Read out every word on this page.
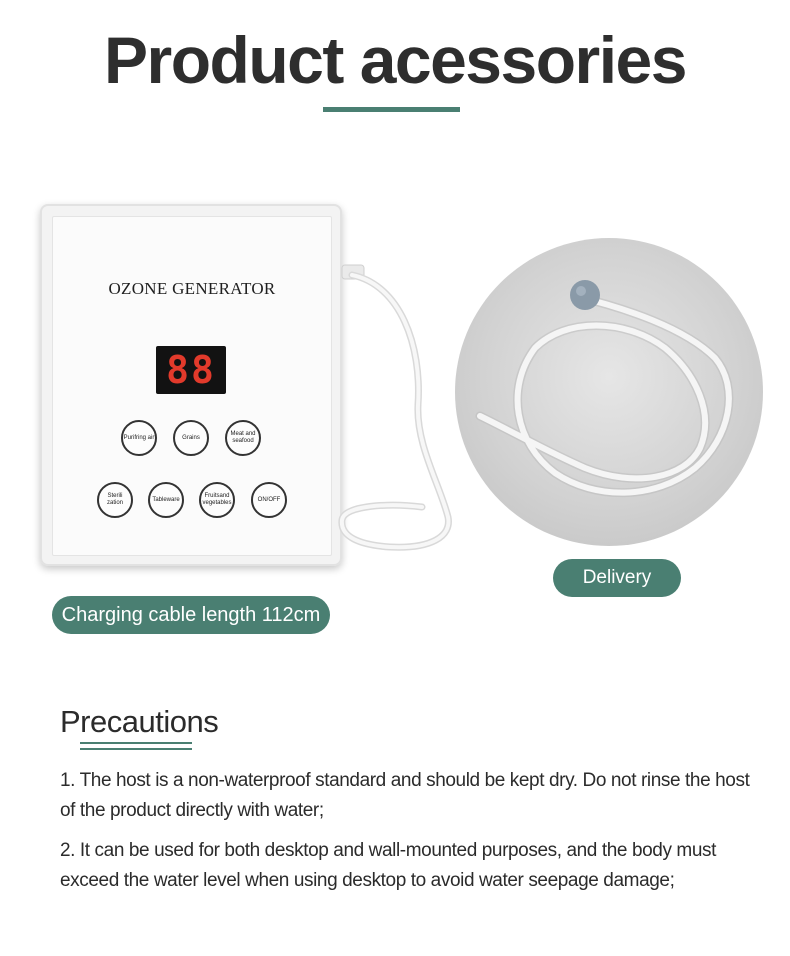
Product acessories
OZONE GENERATOR
88
Purifring air	Grains
Meat and seafood
Sterili zation
Tableware
Fruitsand vegetables
ON/OFF
Charging cable length 112cm
Delivery
Precautions
1. The host is a non-waterproof standard and should be kept dry. Do not rinse the host of the product directly with water;
2. It can be used for both desktop and wall-mounted purposes, and the body must exceed the water level when using desktop to avoid water seepage damage;
